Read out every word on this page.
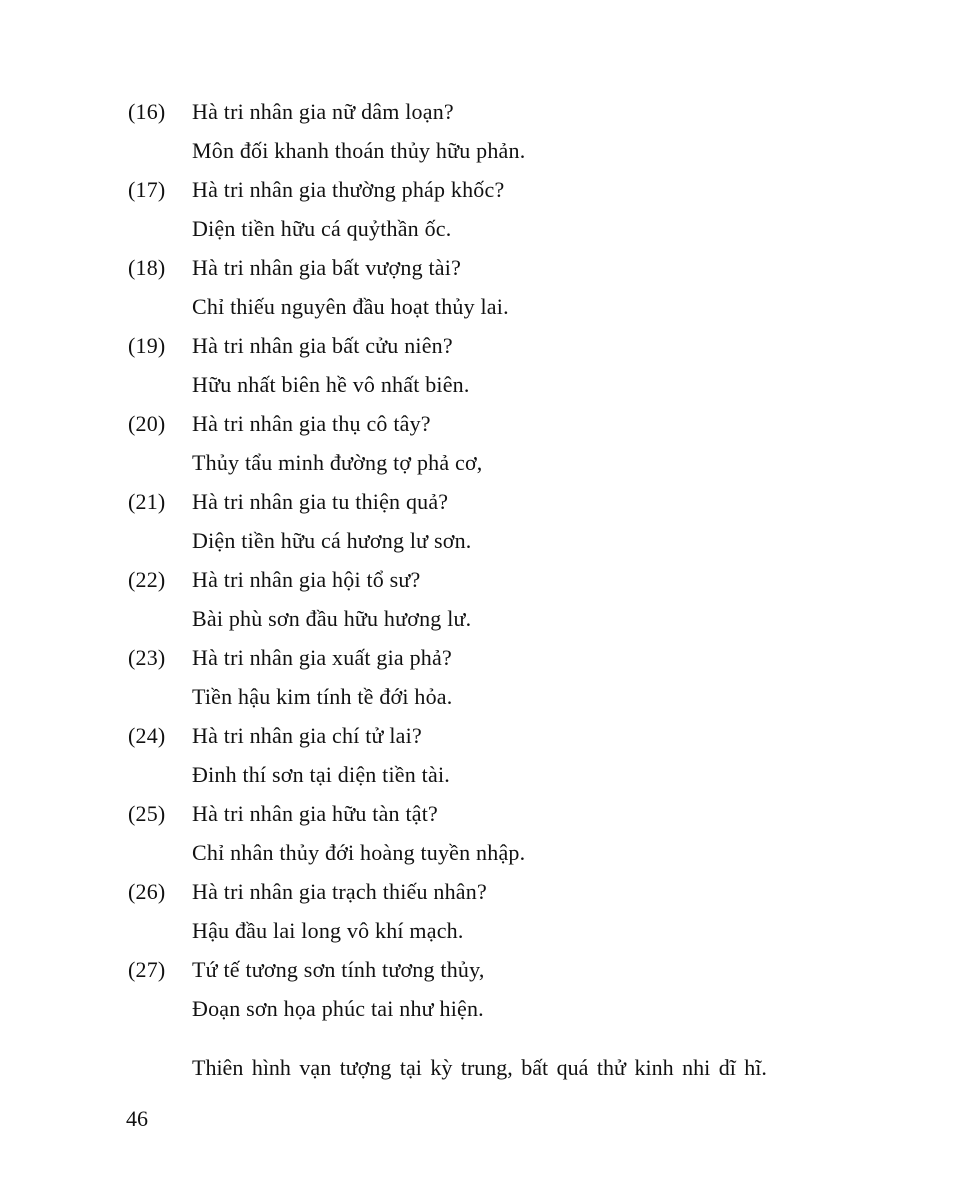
(16) Hà tri nhân gia nữ dâm loạn?
Môn đối khanh thoán thủy hữu phản.
(17) Hà tri nhân gia thường pháp khốc?
Diện tiền hữu cá quỷthần ốc.
(18) Hà tri nhân gia bất vượng tài?
Chỉ thiếu nguyên đầu hoạt thủy lai.
(19) Hà tri nhân gia bất cửu niên?
Hữu nhất biên hề vô nhất biên.
(20) Hà tri nhân gia thụ cô tây?
Thủy tẩu minh đường tợ phả cơ,
(21) Hà tri nhân gia tu thiện quả?
Diện tiền hữu cá hương lư sơn.
(22) Hà tri nhân gia hội tổ sư?
Bài phù sơn đầu hữu hương lư.
(23) Hà tri nhân gia xuất gia phả?
Tiền hậu kim tính tề đới hỏa.
(24) Hà tri nhân gia chí tử lai?
Đinh thí sơn tại diện tiền tài.
(25) Hà tri nhân gia hữu tàn tật?
Chỉ nhân thủy đới hoàng tuyền nhập.
(26) Hà tri nhân gia trạch thiếu nhân?
Hậu đầu lai long vô khí mạch.
(27) Tứ tế tương sơn tính tương thủy,
Đoạn sơn họa phúc tai như hiện.

Thiên hình vạn tượng tại kỳ trung, bất quá thử kinh nhi dĩ hĩ.

46
